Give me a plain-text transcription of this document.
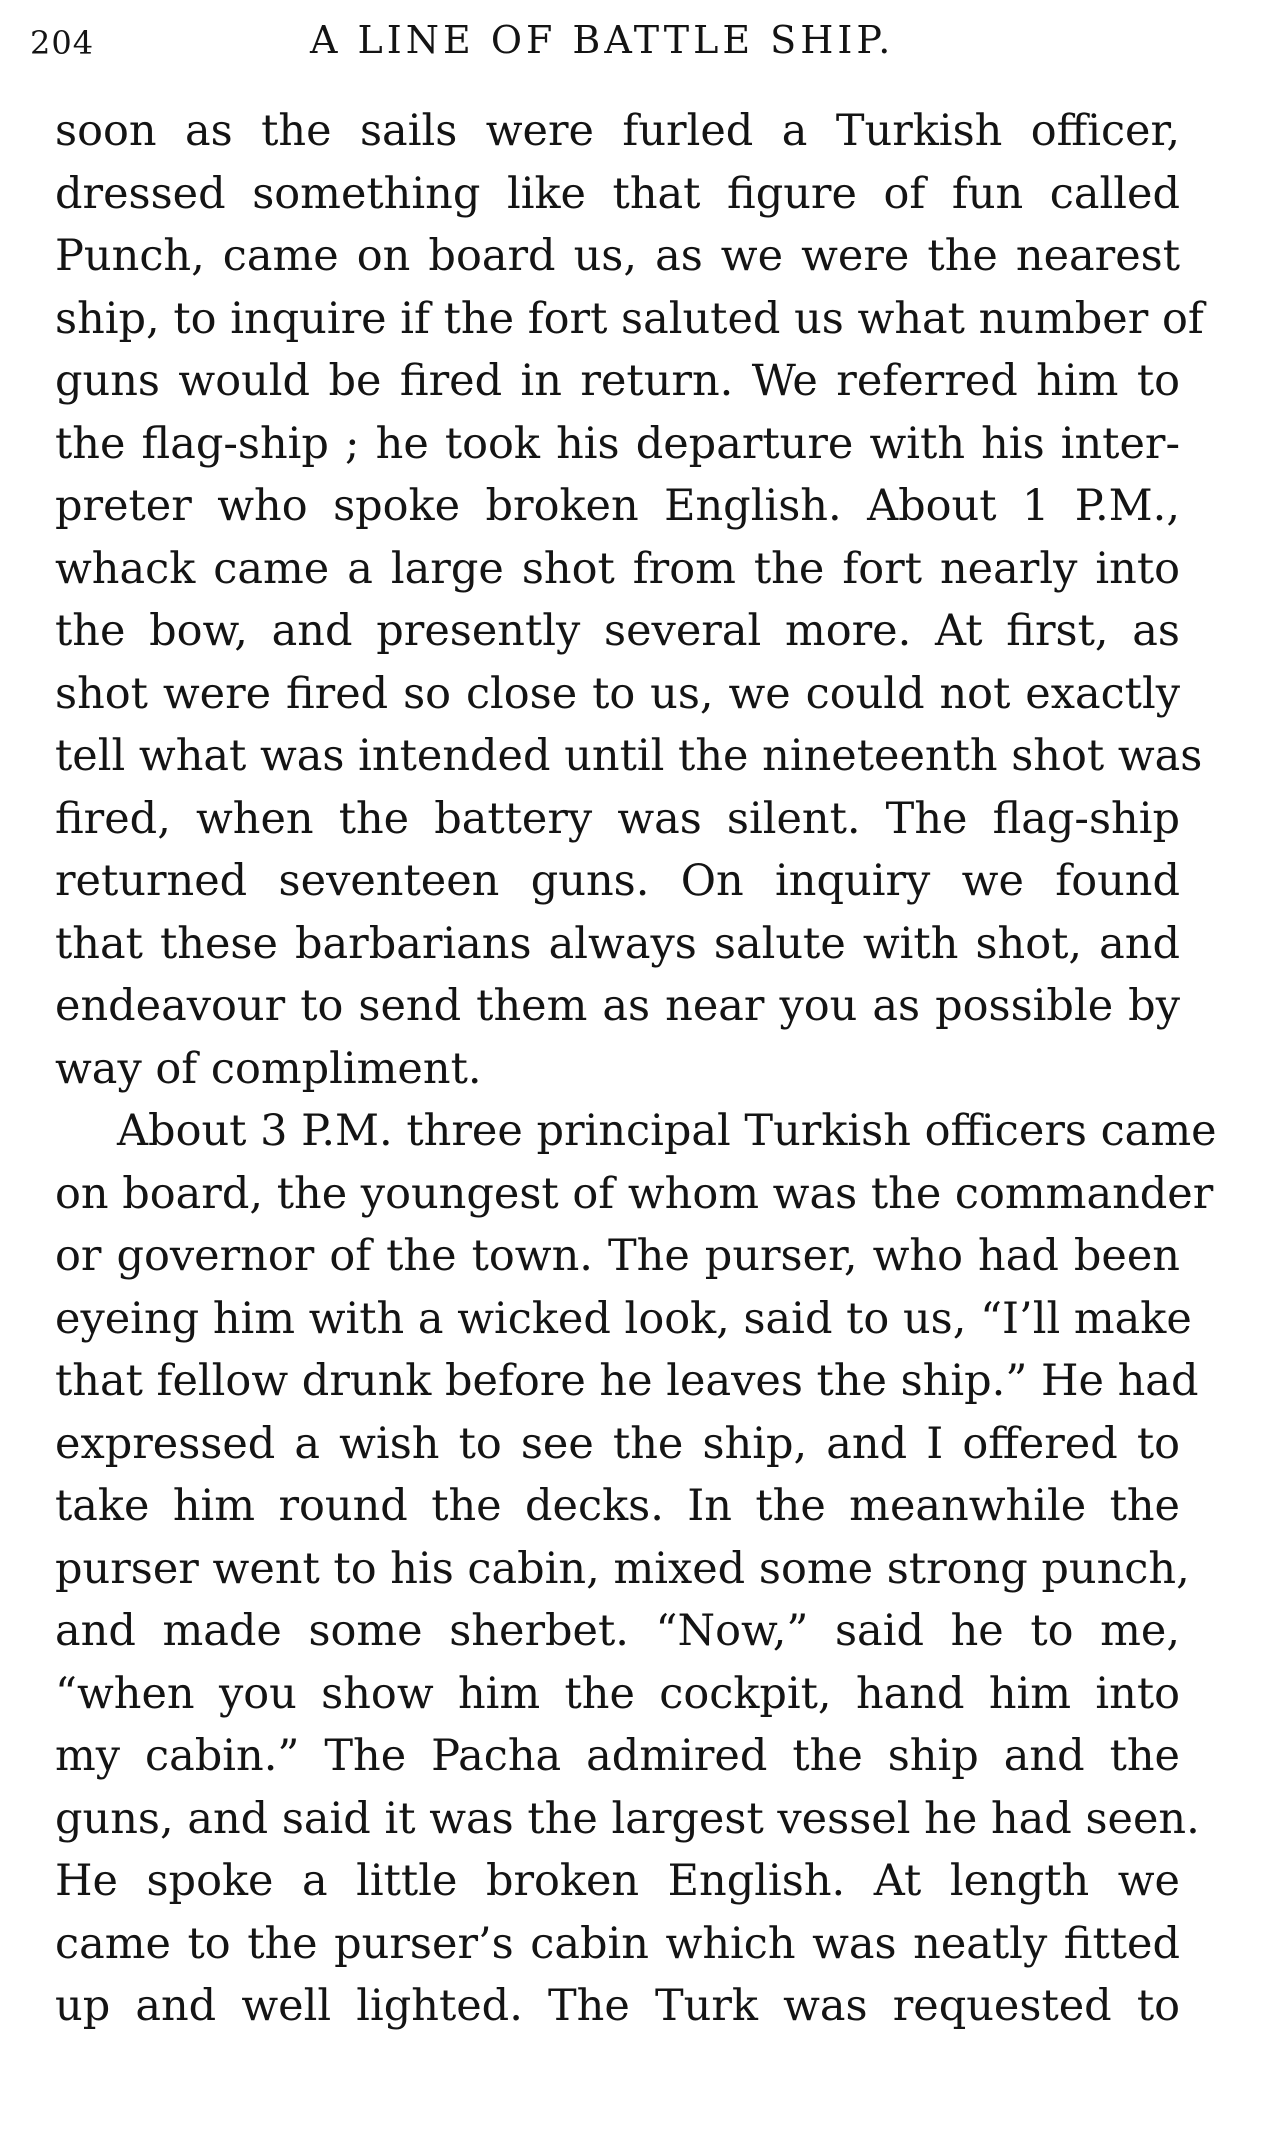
204	A LINE OF BATTLE SHIP.
soon as the sails were furled a Turkish officer,
dressed something like that figure of fun called
Punch, came on board us, as we were the nearest
ship, to inquire if the fort saluted us what number of
guns would be fired in return. We referred him to
the flag-ship ; he took his departure with his inter-
preter who spoke broken English. About 1 P.M.,
whack came a large shot from the fort nearly into
the bow, and presently several more. At first, as
shot were fired so close to us, we could not exactly
tell what was intended until the nineteenth shot was
fired, when the battery was silent. The flag-ship
returned seventeen guns. On inquiry we found
that these barbarians always salute with shot, and
endeavour to send them as near you as possible by
way of compliment.
About 3 P.M. three principal Turkish officers came
on board, the youngest of whom was the commander
or governor of the town. The purser, who had been
eyeing him with a wicked look, said to us, “I’ll make
that fellow drunk before he leaves the ship.” He had
expressed a wish to see the ship, and I offered to
take him round the decks. In the meanwhile the
purser went to his cabin, mixed some strong punch,
and made some sherbet. “Now,” said he to me,
“when you show him the cockpit, hand him into
my cabin.” The Pacha admired the ship and the
guns, and said it was the largest vessel he had seen.
He spoke a little broken English. At length we
came to the purser’s cabin which was neatly fitted
up and well lighted. The Turk was requested to
